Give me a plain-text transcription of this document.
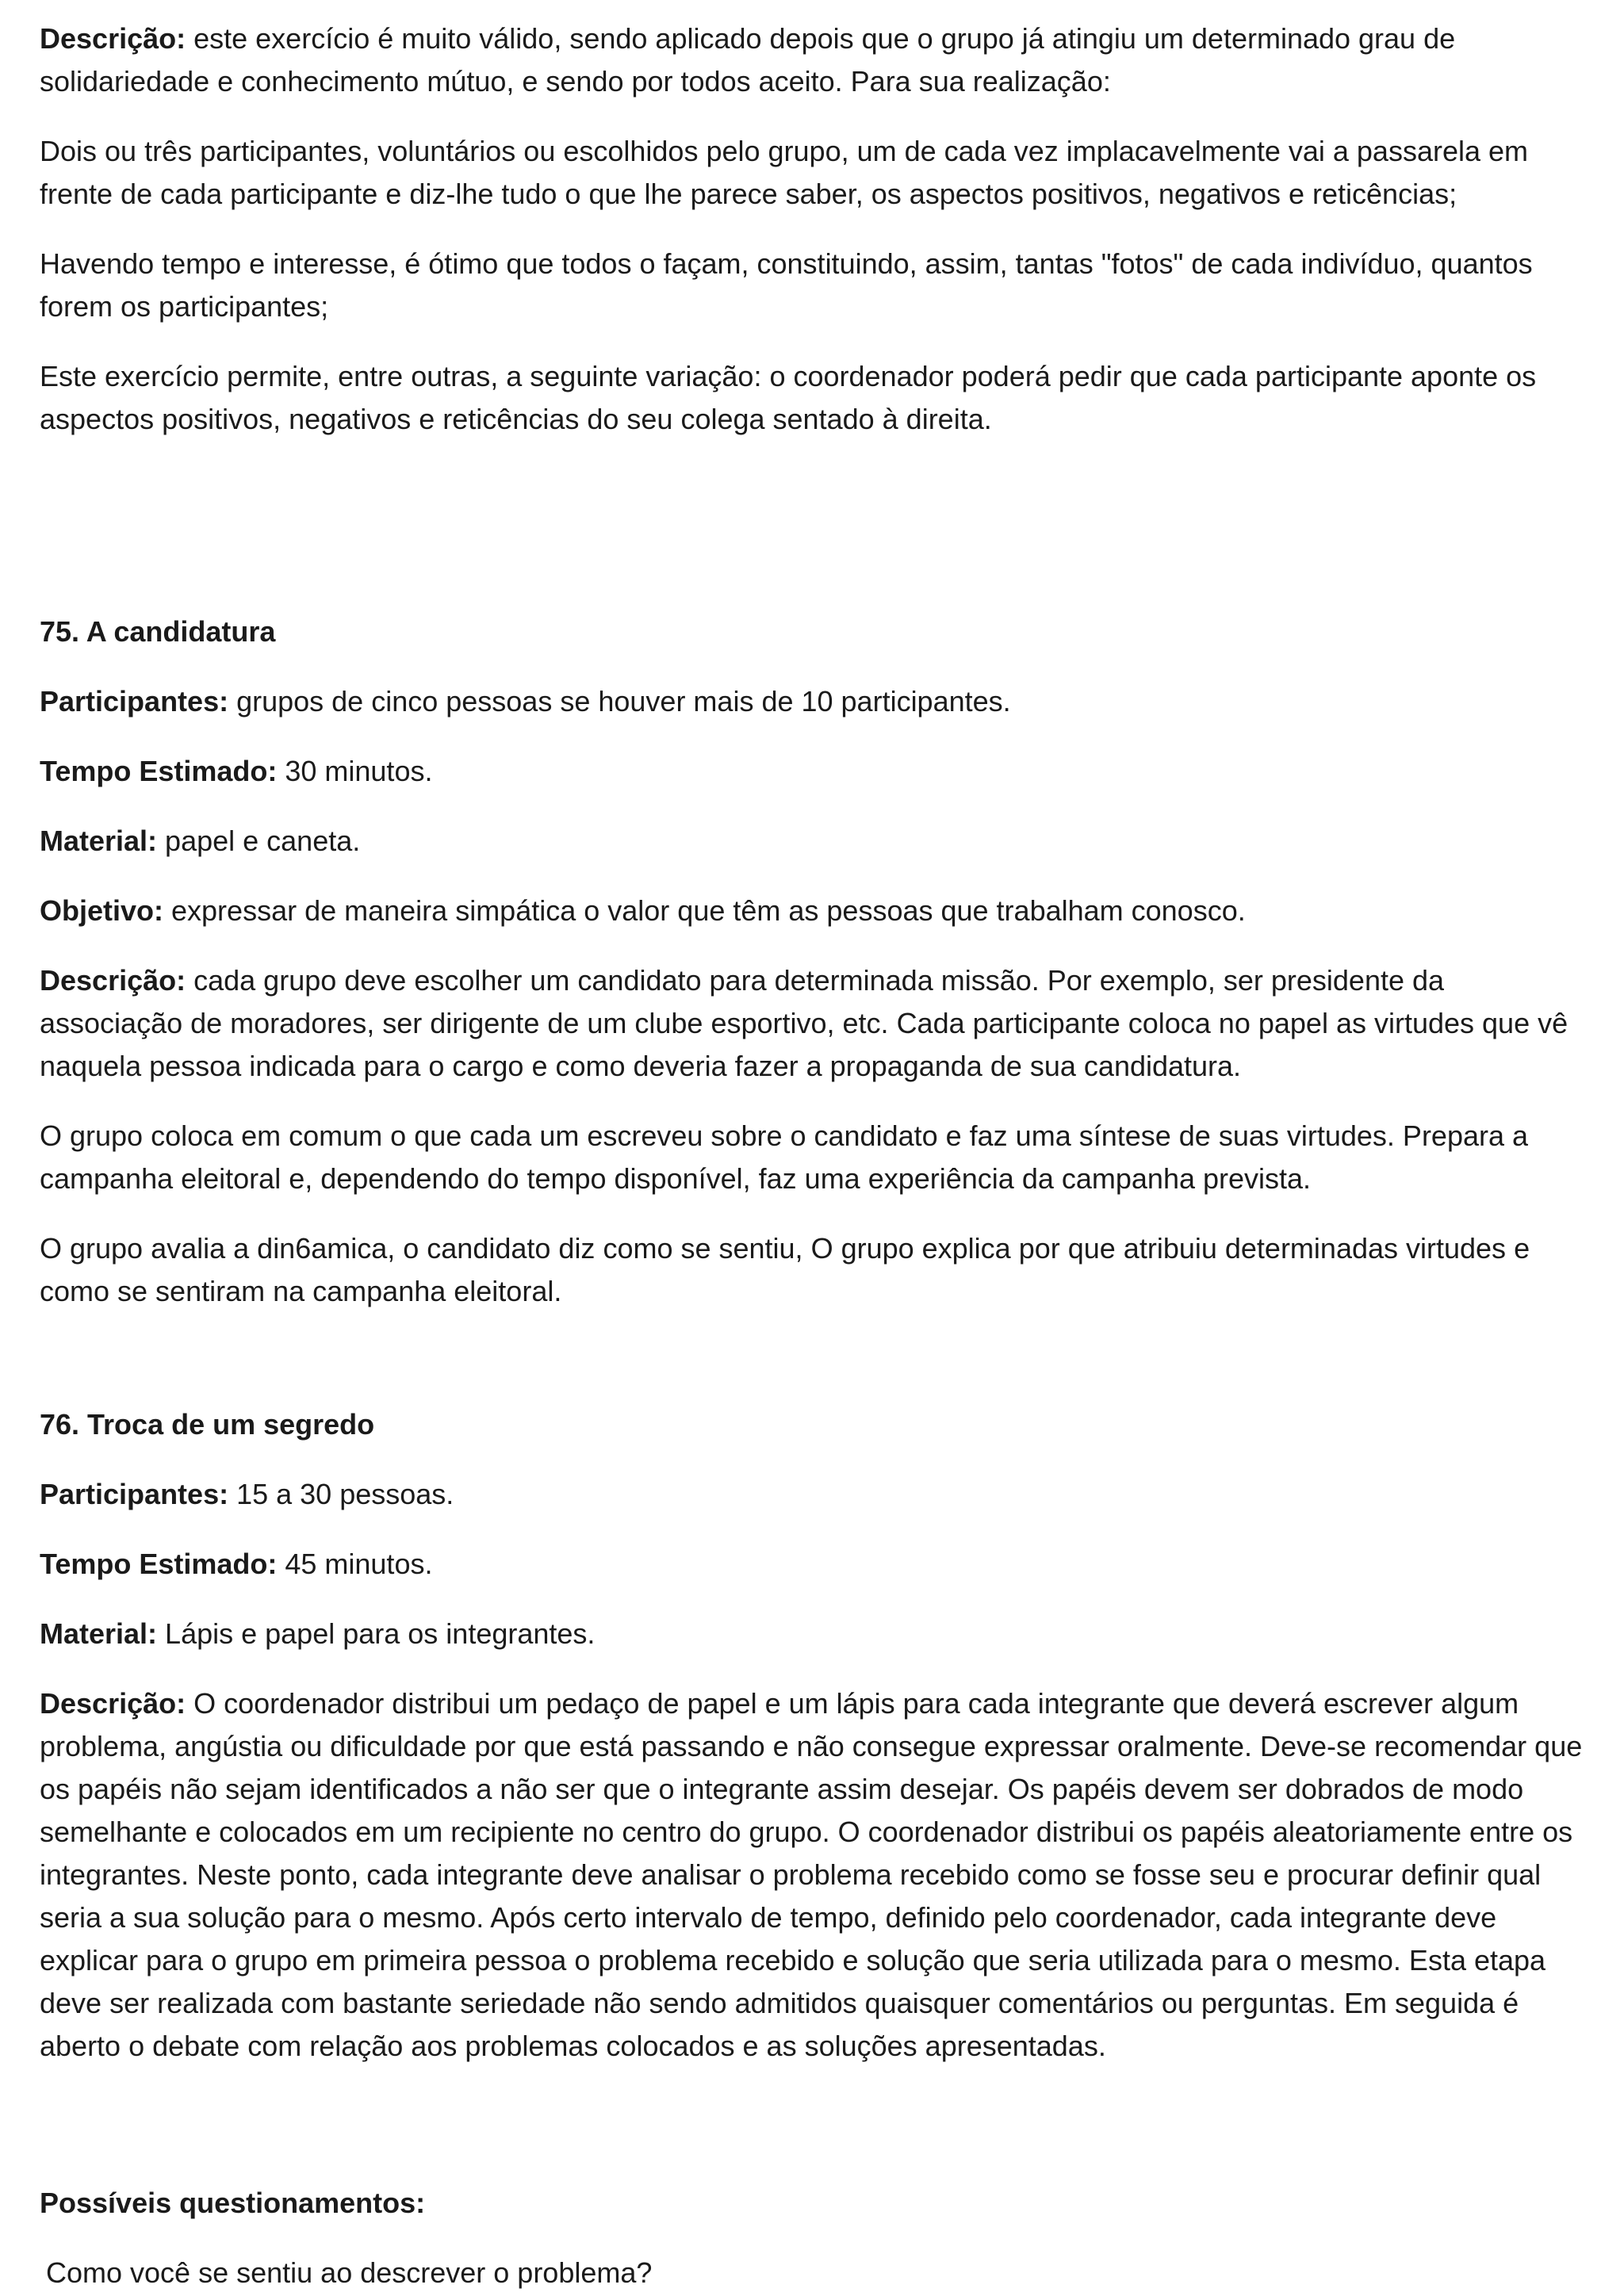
Descrição: este exercício é muito válido, sendo aplicado depois que o grupo já atingiu um determinado grau de solidariedade e conhecimento mútuo, e sendo por todos aceito. Para sua realização:

Dois ou três participantes, voluntários ou escolhidos pelo grupo, um de cada vez implacavelmente vai a passarela em frente de cada participante e diz-lhe tudo o que lhe parece saber, os aspectos positivos, negativos e reticências;

Havendo tempo e interesse, é ótimo que todos o façam, constituindo, assim, tantas "fotos" de cada indivíduo, quantos forem os participantes;

Este exercício permite, entre outras, a seguinte variação: o coordenador poderá pedir que cada participante aponte os aspectos positivos, negativos e reticências do seu colega sentado à direita.

75. A candidatura

Participantes: grupos de cinco pessoas se houver mais de 10 participantes.

Tempo Estimado: 30 minutos.

Material: papel e caneta.

Objetivo: expressar de maneira simpática o valor que têm as pessoas que trabalham conosco.

Descrição: cada grupo deve escolher um candidato para determinada missão. Por exemplo, ser presidente da associação de moradores, ser dirigente de um clube esportivo, etc. Cada participante coloca no papel as virtudes que vê naquela pessoa indicada para o cargo e como deveria fazer a propaganda de sua candidatura.

O grupo coloca em comum o que cada um escreveu sobre o candidato e faz uma síntese de suas virtudes. Prepara a campanha eleitoral e, dependendo do tempo disponível, faz uma experiência da campanha prevista.

O grupo avalia a din6amica, o candidato diz como se sentiu, O grupo explica por que atribuiu determinadas virtudes e como se sentiram na campanha eleitoral.

76. Troca de um segredo

Participantes: 15 a 30 pessoas.

Tempo Estimado: 45 minutos.

Material: Lápis e papel para os integrantes.

Descrição: O coordenador distribui um pedaço de papel e um lápis para cada integrante que deverá escrever algum problema, angústia ou dificuldade por que está passando e não consegue expressar oralmente. Deve-se recomendar que os papéis não sejam identificados a não ser que o integrante assim desejar. Os papéis devem ser dobrados de modo semelhante e colocados em um recipiente no centro do grupo. O coordenador distribui os papéis aleatoriamente entre os integrantes. Neste ponto, cada integrante deve analisar o problema recebido como se fosse seu e procurar definir qual seria a sua solução para o mesmo. Após certo intervalo de tempo, definido pelo coordenador, cada integrante deve explicar para o grupo em primeira pessoa o problema recebido e solução que seria utilizada para o mesmo. Esta etapa deve ser realizada com bastante seriedade não sendo admitidos quaisquer comentários ou perguntas. Em seguida é aberto o debate com relação aos problemas colocados e as soluções apresentadas.

Possíveis questionamentos:

Como você se sentiu ao descrever o problema?
